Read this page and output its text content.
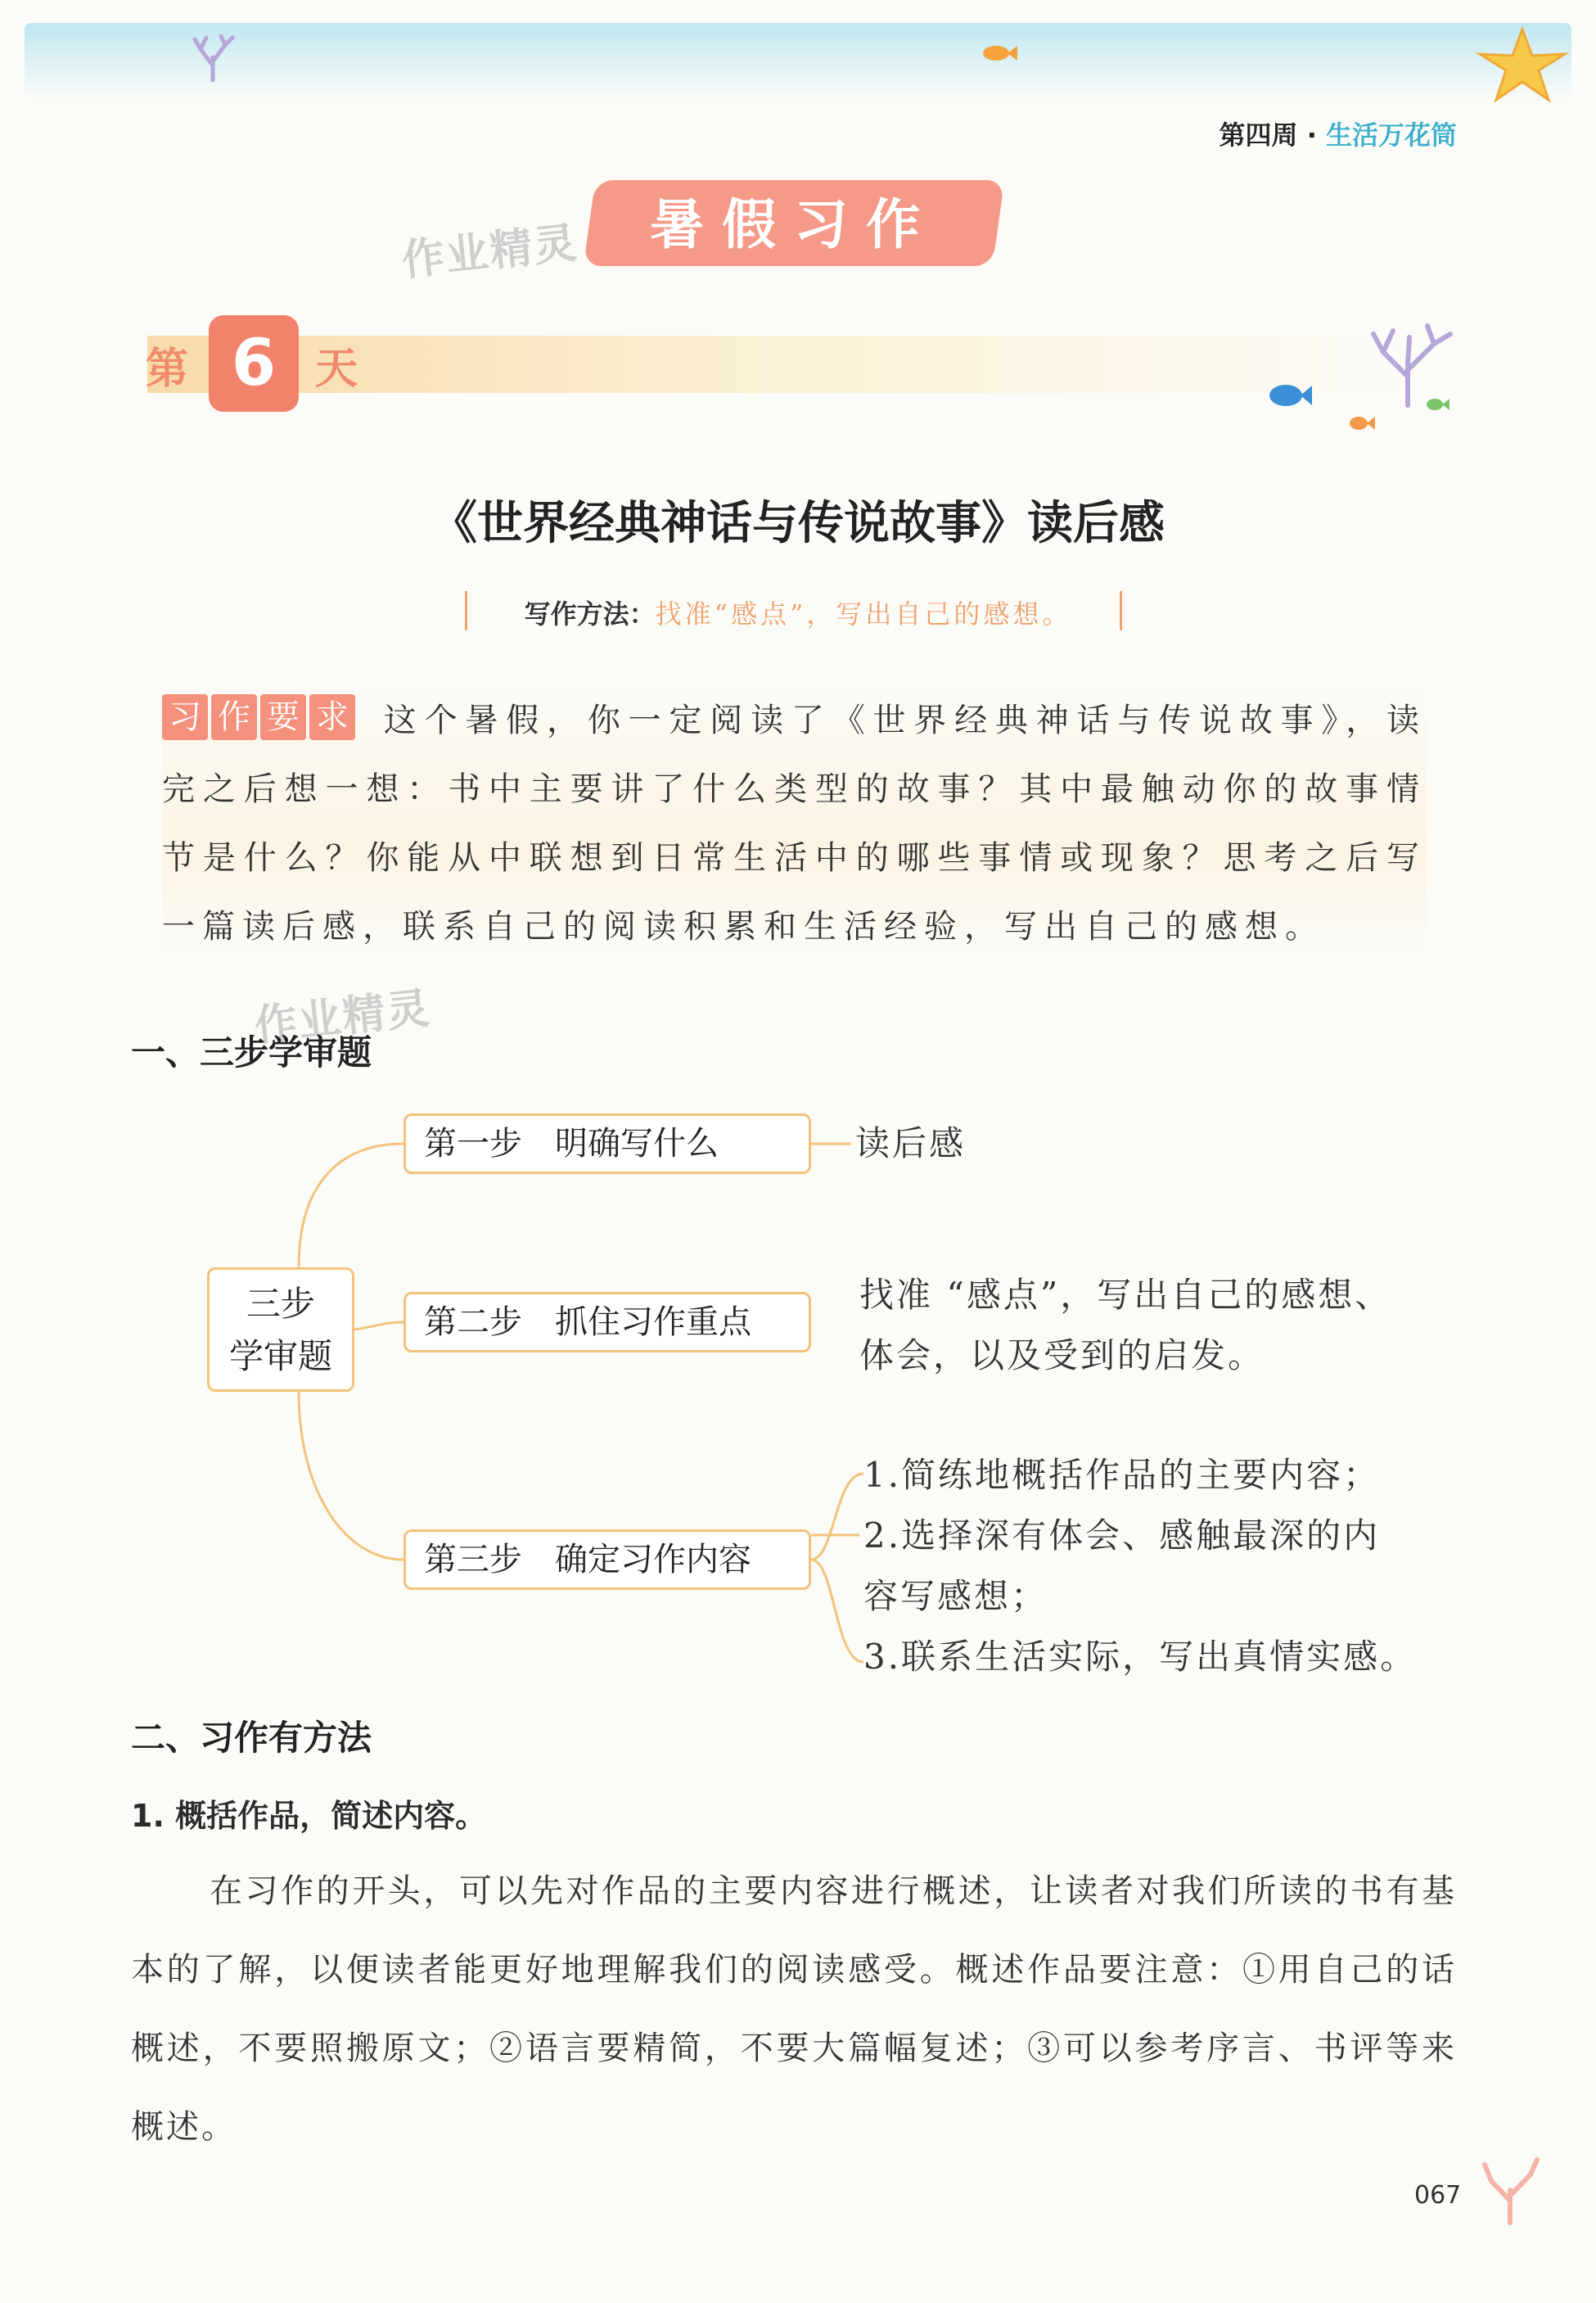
第四周 · 生活万花筒
暑假习作
作业精灵
第 6 天
《世界经典神话与传说故事》读后感
写作方法：找准“感点”，写出自己的感想。
习 作 要 求 这个暑假，你一定阅读了《世界经典神话与传说故事》，读完之后想一想：书中主要讲了什么类型的故事？其中最触动你的故事情节是什么？你能从中联想到日常生活中的哪些事情或现象？思考之后写一篇读后感，联系自己的阅读积累和生活经验，写出自己的感想。
作业精灵
一、三步学审题
三步
学审题
第一步 明确写什么
第二步 抓住习作重点
第三步 确定习作内容
读后感
找准 “感点”，写出自己的感想、
体会，以及受到的启发。
1.简练地概括作品的主要内容；
2.选择深有体会、感触最深的内
容写感想；
3.联系生活实际，写出真情实感。
二、习作有方法
1. 概括作品，简述内容。
在习作的开头，可以先对作品的主要内容进行概述，让读者对我们所读的书有基本的了解，以便读者能更好地理解我们的阅读感受。概述作品要注意：①用自己的话概述，不要照搬原文；②语言要精简，不要大篇幅复述；③可以参考序言、书评等来概述。
067
